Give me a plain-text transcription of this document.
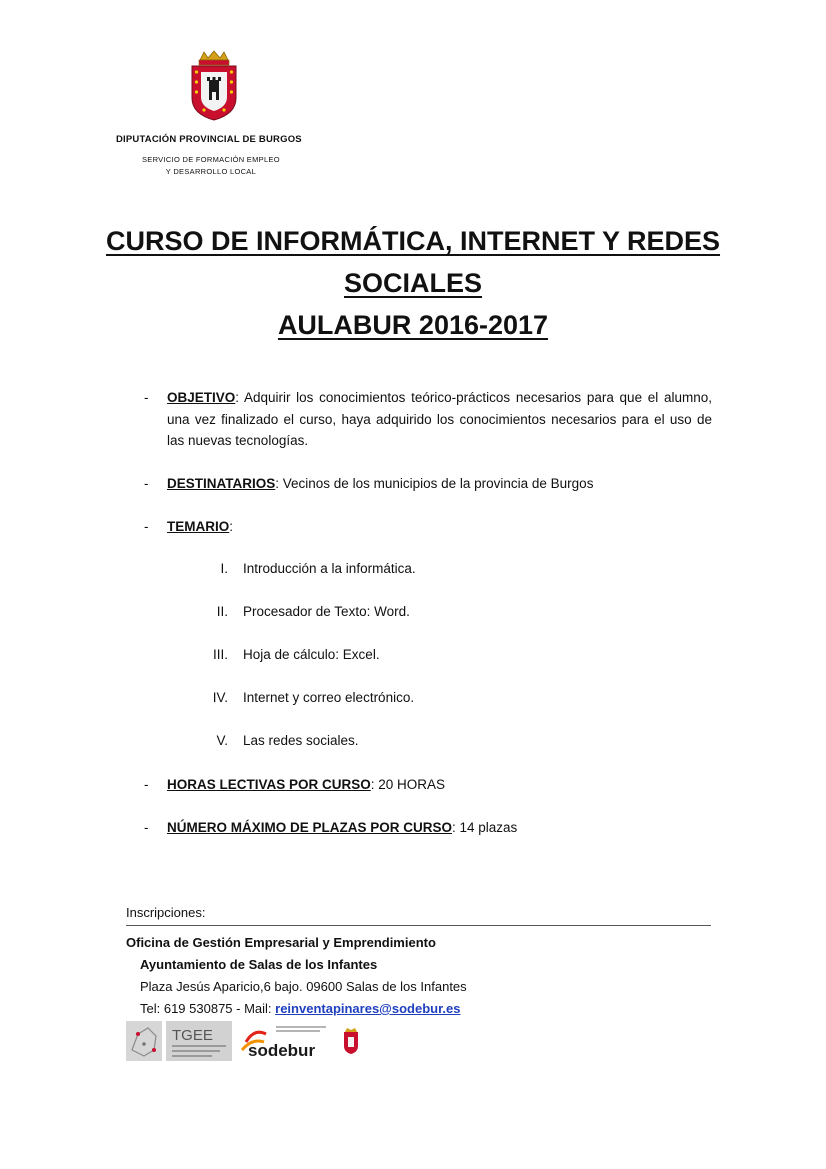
DIPUTACIÓN PROVINCIAL DE BURGOS
SERVICIO DE FORMACIÓN EMPLEO
Y DESARROLLO LOCAL
CURSO DE INFORMÁTICA, INTERNET Y REDES
SOCIALES
AULABUR 2016-2017
- OBJETIVO: Adquirir los conocimientos teórico-prácticos necesarios para que el alumno, una vez finalizado el curso, haya adquirido los conocimientos necesarios para el uso de las nuevas tecnologías.
- DESTINATARIOS: Vecinos de los municipios de la provincia de Burgos
- TEMARIO:
I. Introducción a la informática.
II. Procesador de Texto: Word.
III. Hoja de cálculo: Excel.
IV. Internet y correo electrónico.
V. Las redes sociales.
- HORAS LECTIVAS POR CURSO: 20 HORAS
- NÚMERO MÁXIMO DE PLAZAS POR CURSO: 14 plazas
Inscripciones:
Oficina de Gestión Empresarial y Emprendimiento
Ayuntamiento de Salas de los Infantes
Plaza Jesús Aparicio,6 bajo. 09600 Salas de los Infantes
Tel: 619 530875 - Mail: reinventapinares@sodebur.es
TGEE
sodebur
